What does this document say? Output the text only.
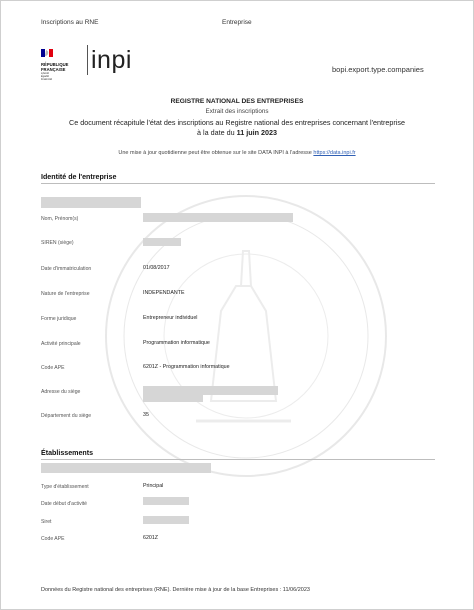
Inscriptions au RNE	Entreprise
RÉPUBLIQUE
FRANÇAISE
Liberté
Égalité
Fraternité
inpi	bopi.export.type.companies
REGISTRE NATIONAL DES ENTREPRISES
Extrait des inscriptions
Ce document récapitule l'état des inscriptions au Registre national des entreprises concernant l'entreprise
à la date du 11 juin 2023
Une mise à jour quotidienne peut être obtenue sur le site DATA INPI à l'adresse https://data.inpi.fr
Identité de l'entreprise
Nom, Prénom(s)
SIREN (siège)
Date d'immatriculation	01/08/2017
Nature de l'entreprise	INDEPENDANTE
Forme juridique	Entrepreneur individuel
Activité principale	Programmation informatique
Code APE	6201Z - Programmation informatique
Adresse du siège
Département du siège	35
Établissements
Type d'établissement	Principal
Date début d'activité
Siret
Code APE	6201Z
Données du Registre national des entreprises (RNE). Dernière mise à jour de la base Entreprises : 11/06/2023
